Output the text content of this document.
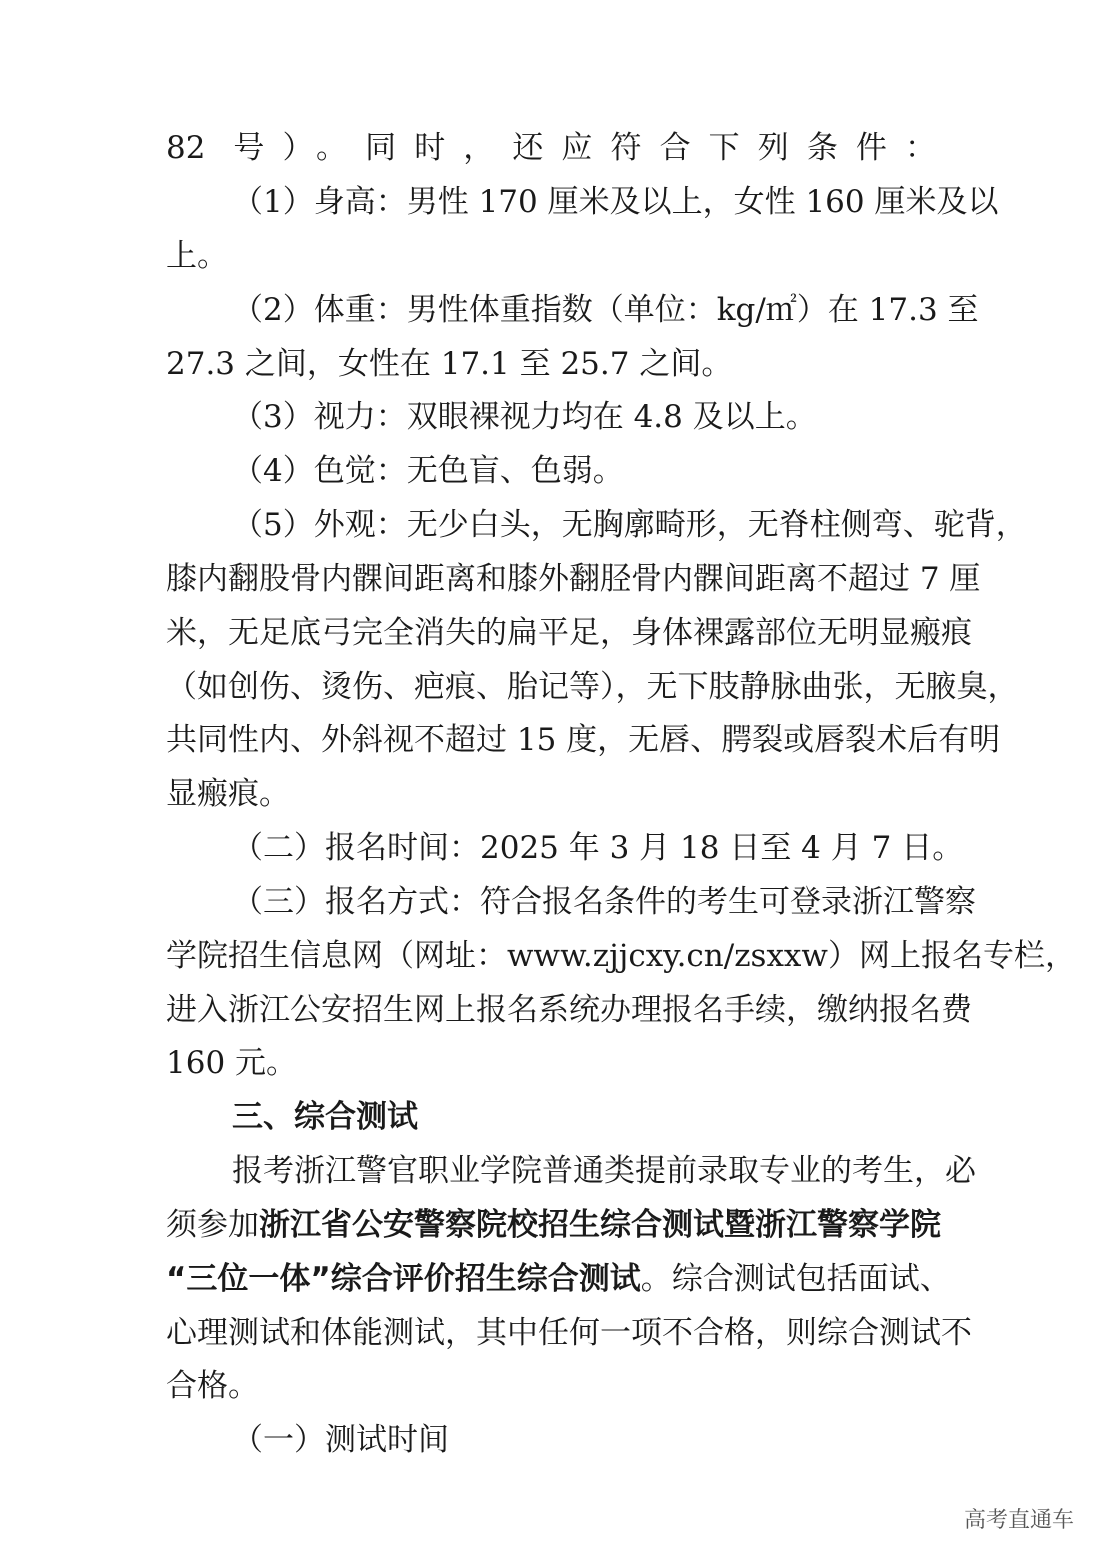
82 号）。同时，还应符合下列条件：
（1）身高：男性 170 厘米及以上，女性 160 厘米及以
上。
（2）体重：男性体重指数（单位：kg/㎡）在 17.3 至
27.3 之间，女性在 17.1 至 25.7 之间。
（3）视力：双眼裸视力均在 4.8 及以上。
（4）色觉：无色盲、色弱。
（5）外观：无少白头，无胸廓畸形，无脊柱侧弯、驼背，
膝内翻股骨内髁间距离和膝外翻胫骨内髁间距离不超过 7 厘
米，无足底弓完全消失的扁平足，身体裸露部位无明显瘢痕
（如创伤、烫伤、疤痕、胎记等），无下肢静脉曲张，无腋臭，
共同性内、外斜视不超过 15 度，无唇、腭裂或唇裂术后有明
显瘢痕。
（二）报名时间：2025 年 3 月 18 日至 4 月 7 日。
（三）报名方式：符合报名条件的考生可登录浙江警察
学院招生信息网（网址：www.zjjcxy.cn/zsxxw）网上报名专栏，
进入浙江公安招生网上报名系统办理报名手续，缴纳报名费
160 元。
三、综合测试
报考浙江警官职业学院普通类提前录取专业的考生，必
须参加浙江省公安警察院校招生综合测试暨浙江警察学院
“三位一体”综合评价招生综合测试。综合测试包括面试、
心理测试和体能测试，其中任何一项不合格，则综合测试不
合格。
（一）测试时间
高考直通车
